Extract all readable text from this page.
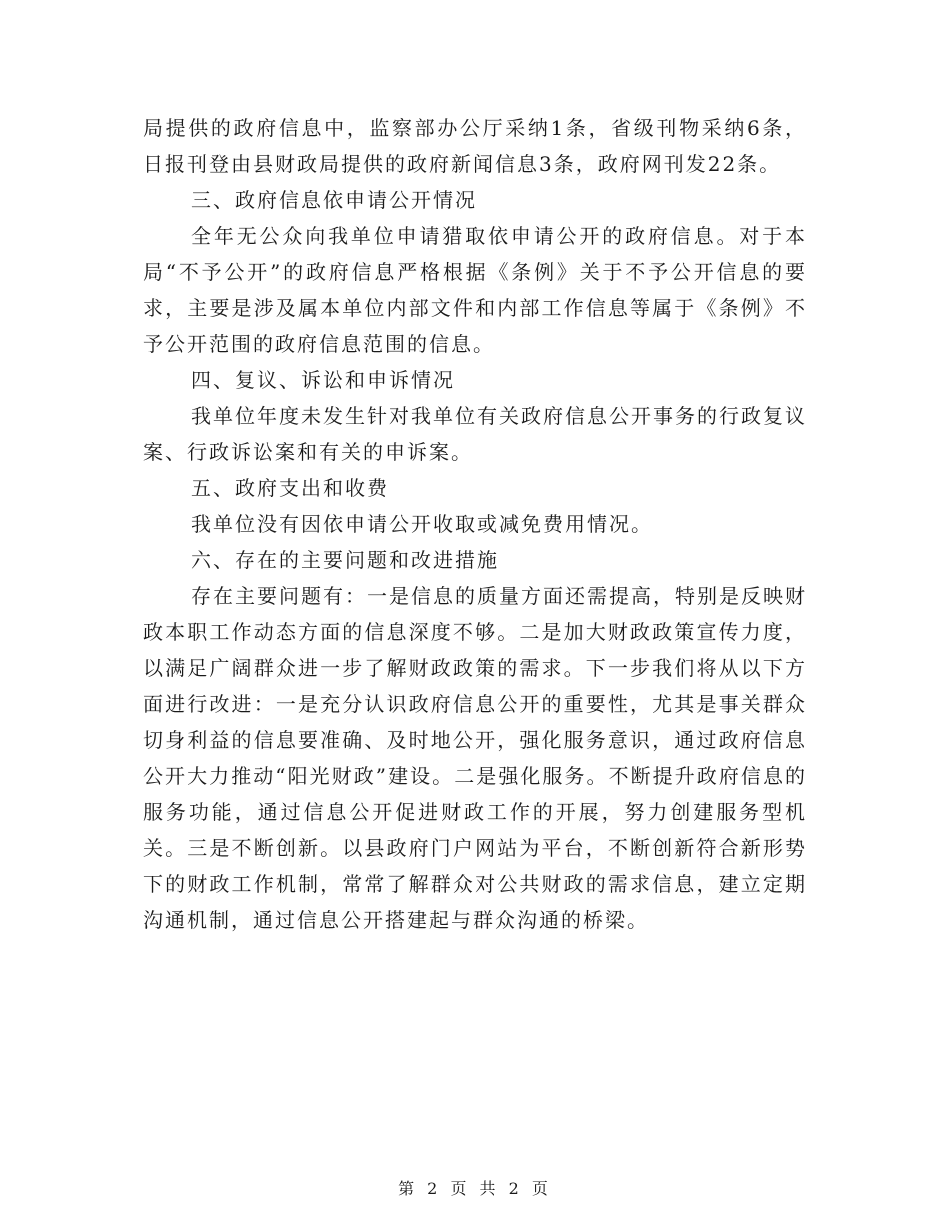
局提供的政府信息中，监察部办公厅采纳1条，省级刊物采纳6条，日报刊登由县财政局提供的政府新闻信息3条，政府网刊发22条。

三、政府信息依申请公开情况

全年无公众向我单位申请猎取依申请公开的政府信息。对于本局“不予公开”的政府信息严格根据《条例》关于不予公开信息的要求，主要是涉及属本单位内部文件和内部工作信息等属于《条例》不予公开范围的政府信息范围的信息。

四、复议、诉讼和申诉情况

我单位年度未发生针对我单位有关政府信息公开事务的行政复议案、行政诉讼案和有关的申诉案。

五、政府支出和收费

我单位没有因依申请公开收取或减免费用情况。

六、存在的主要问题和改进措施

存在主要问题有：一是信息的质量方面还需提高，特别是反映财政本职工作动态方面的信息深度不够。二是加大财政政策宣传力度，以满足广阔群众进一步了解财政政策的需求。下一步我们将从以下方面进行改进：一是充分认识政府信息公开的重要性，尤其是事关群众切身利益的信息要准确、及时地公开，强化服务意识，通过政府信息公开大力推动“阳光财政”建设。二是强化服务。不断提升政府信息的服务功能，通过信息公开促进财政工作的开展，努力创建服务型机关。三是不断创新。以县政府门户网站为平台，不断创新符合新形势下的财政工作机制，常常了解群众对公共财政的需求信息，建立定期沟通机制，通过信息公开搭建起与群众沟通的桥梁。

第 2 页 共 2 页
